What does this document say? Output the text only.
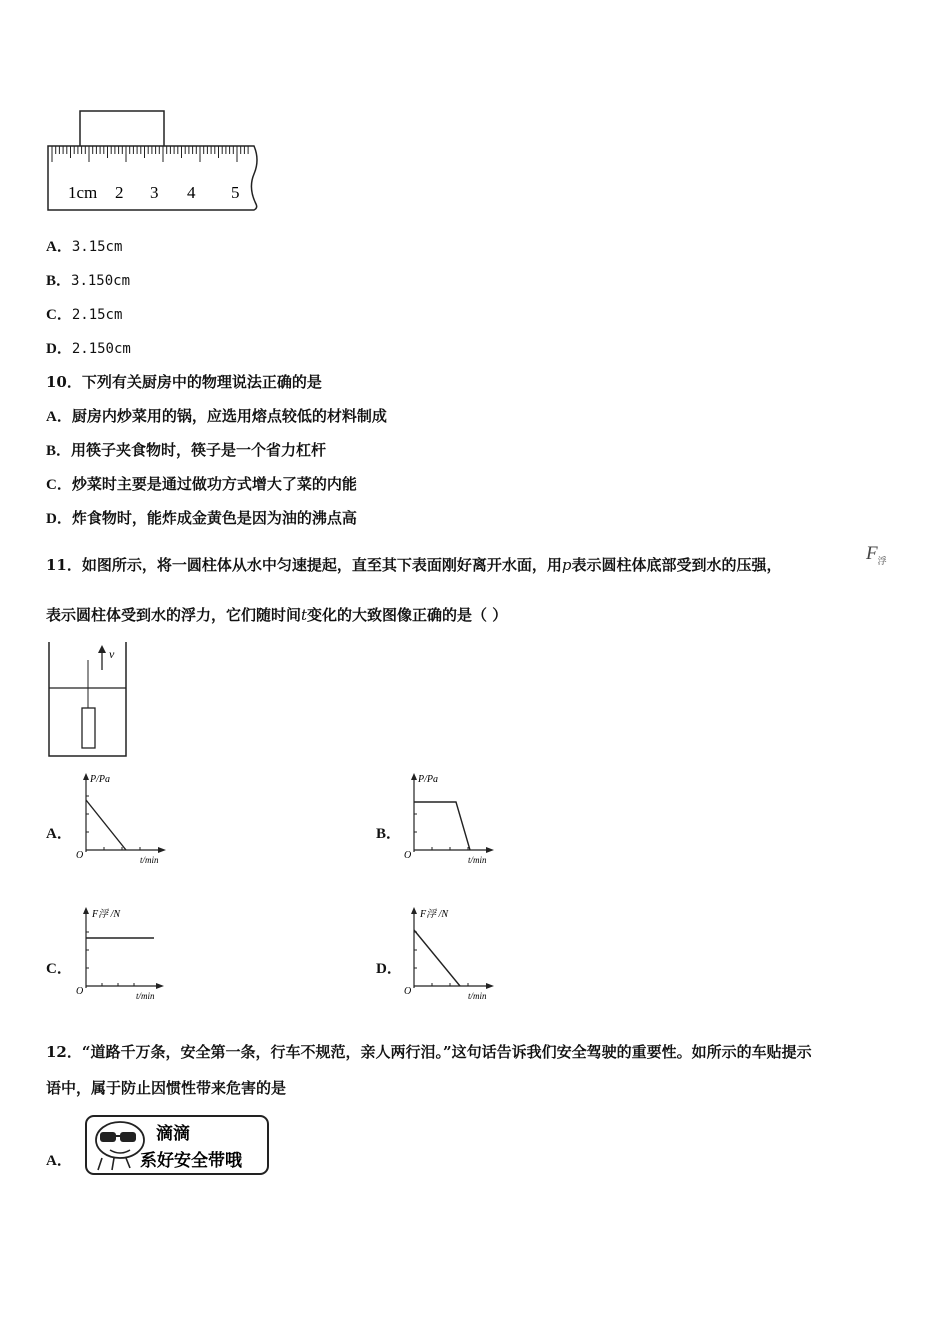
1cm 2 3 4 5
A．3.15cm
B．3.150cm
C．2.15cm
D．2.150cm
10．下列有关厨房中的物理说法正确的是
A．厨房内炒菜用的锅，应选用熔点较低的材料制成
B．用筷子夹食物时，筷子是一个省力杠杆
C．炒菜时主要是通过做功方式增大了菜的内能
D．炸食物时，能炸成金黄色是因为油的沸点高
11．如图所示，将一圆柱体从水中匀速提起，直至其下表面刚好离开水面，用p表示圆柱体底部受到水的压强，
$F_浮$
表示圆柱体受到水的浮力，它们随时间t变化的大致图像正确的是（ ）
v
A．
P/Pa
O	t/min
B．
P/Pa
O	t/min
C．
F浮 /N
O	t/min
D．
F浮 /N
O	t/min
12．“道路千万条，安全第一条，行车不规范，亲人两行泪。”这句话告诉我们安全驾驶的重要性。如所示的车贴提示
语中，属于防止因惯性带来危害的是
A．
滴滴
系好安全带哦
